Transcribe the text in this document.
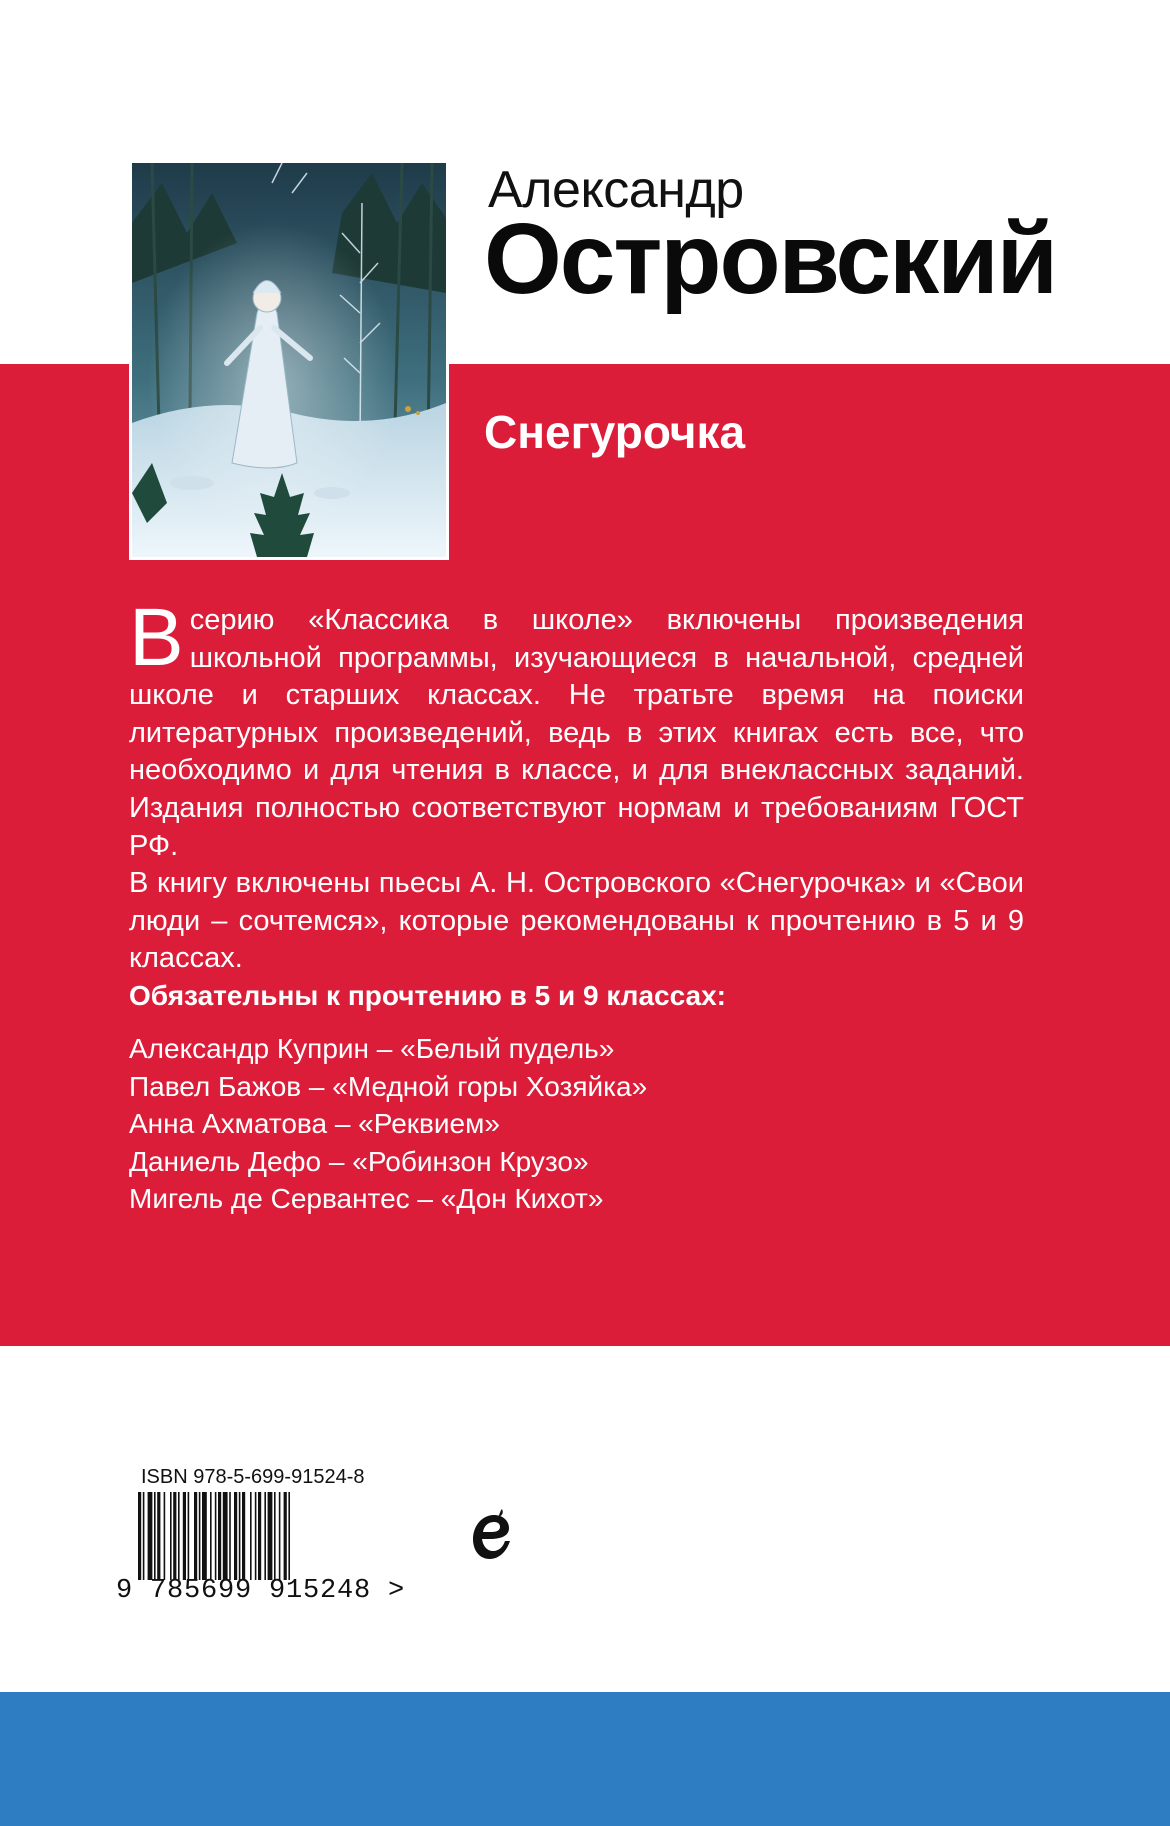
Александр
Островский
Снегурочка

Всерию «Классика в школе» включены произведения школьной программы, изучающиеся в начальной, средней школе и старших классах. Не тратьте время на поиски литературных произведений, ведь в этих книгах есть все, что необходимо и для чтения в классе, и для внеклассных заданий. Издания полностью соответствуют нормам и требованиям ГОСТ РФ.

В книгу включены пьесы А. Н. Островского «Снегурочка» и «Свои люди – сочтемся», которые рекомендованы к прочтению в 5 и 9 классах.

Обязательны к прочтению в 5 и 9 классах:
Александр Куприн – «Белый пудель»
Павел Бажов – «Медной горы Хозяйка»
Анна Ахматова – «Реквием»
Даниель Дефо – «Робинзон Крузо»
Мигель де Сервантес – «Дон Кихот»
ISBN 978-5-699-91524-8
9 785699 915248 >
